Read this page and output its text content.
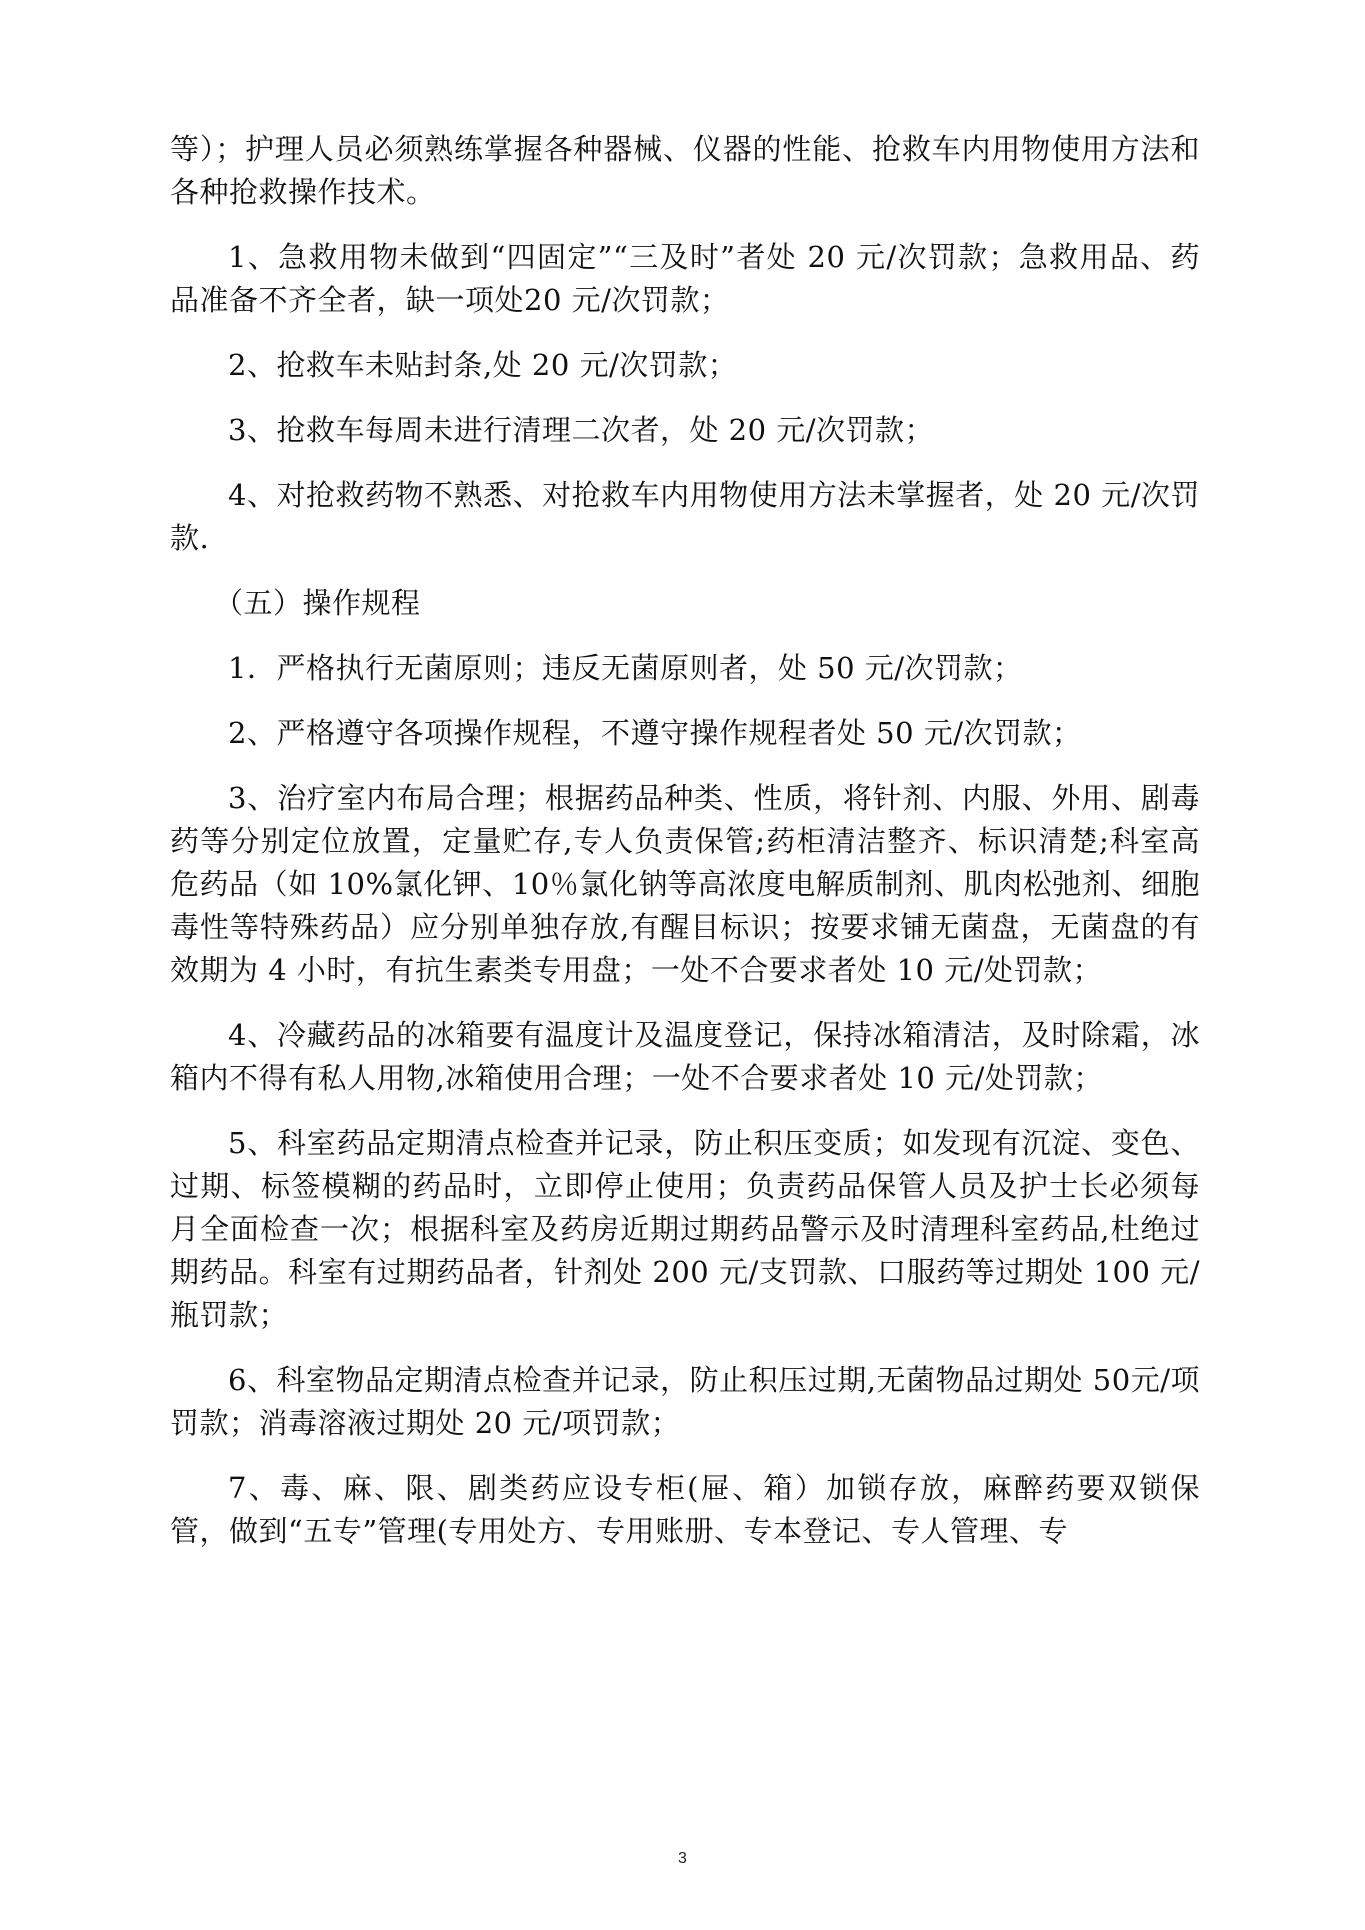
等）；护理人员必须熟练掌握各种器械、仪器的性能、抢救车内用物使用方法和各种抢救操作技术。

1、急救用物未做到“四固定”“三及时”者处 20 元/次罚款；急救用品、药品准备不齐全者，缺一项处20 元/次罚款；

2、抢救车未贴封条,处 20 元/次罚款；

3、抢救车每周未进行清理二次者，处 20 元/次罚款；

4、对抢救药物不熟悉、对抢救车内用物使用方法未掌握者，处 20 元/次罚款.

（五）操作规程

1．严格执行无菌原则；违反无菌原则者，处 50 元/次罚款；

2、严格遵守各项操作规程，不遵守操作规程者处 50 元/次罚款；

3、治疗室内布局合理；根据药品种类、性质，将针剂、内服、外用、剧毒药等分别定位放置，定量贮存,专人负责保管;药柜清洁整齐、标识清楚;科室高危药品（如 10%氯化钾、10％氯化钠等高浓度电解质制剂、肌肉松弛剂、细胞毒性等特殊药品）应分别单独存放,有醒目标识；按要求铺无菌盘，无菌盘的有效期为 4 小时，有抗生素类专用盘；一处不合要求者处 10 元/处罚款；

4、冷藏药品的冰箱要有温度计及温度登记，保持冰箱清洁，及时除霜，冰箱内不得有私人用物,冰箱使用合理；一处不合要求者处 10 元/处罚款；

5、科室药品定期清点检查并记录，防止积压变质；如发现有沉淀、变色、过期、标签模糊的药品时，立即停止使用；负责药品保管人员及护士长必须每月全面检查一次；根据科室及药房近期过期药品警示及时清理科室药品,杜绝过期药品。科室有过期药品者，针剂处 200 元/支罚款、口服药等过期处 100 元/瓶罚款；

6、科室物品定期清点检查并记录，防止积压过期,无菌物品过期处 50元/项罚款；消毒溶液过期处 20 元/项罚款；

7、毒、麻、限、剧类药应设专柜(屉、箱）加锁存放，麻醉药要双锁保管，做到“五专”管理(专用处方、专用账册、专本登记、专人管理、专

3
